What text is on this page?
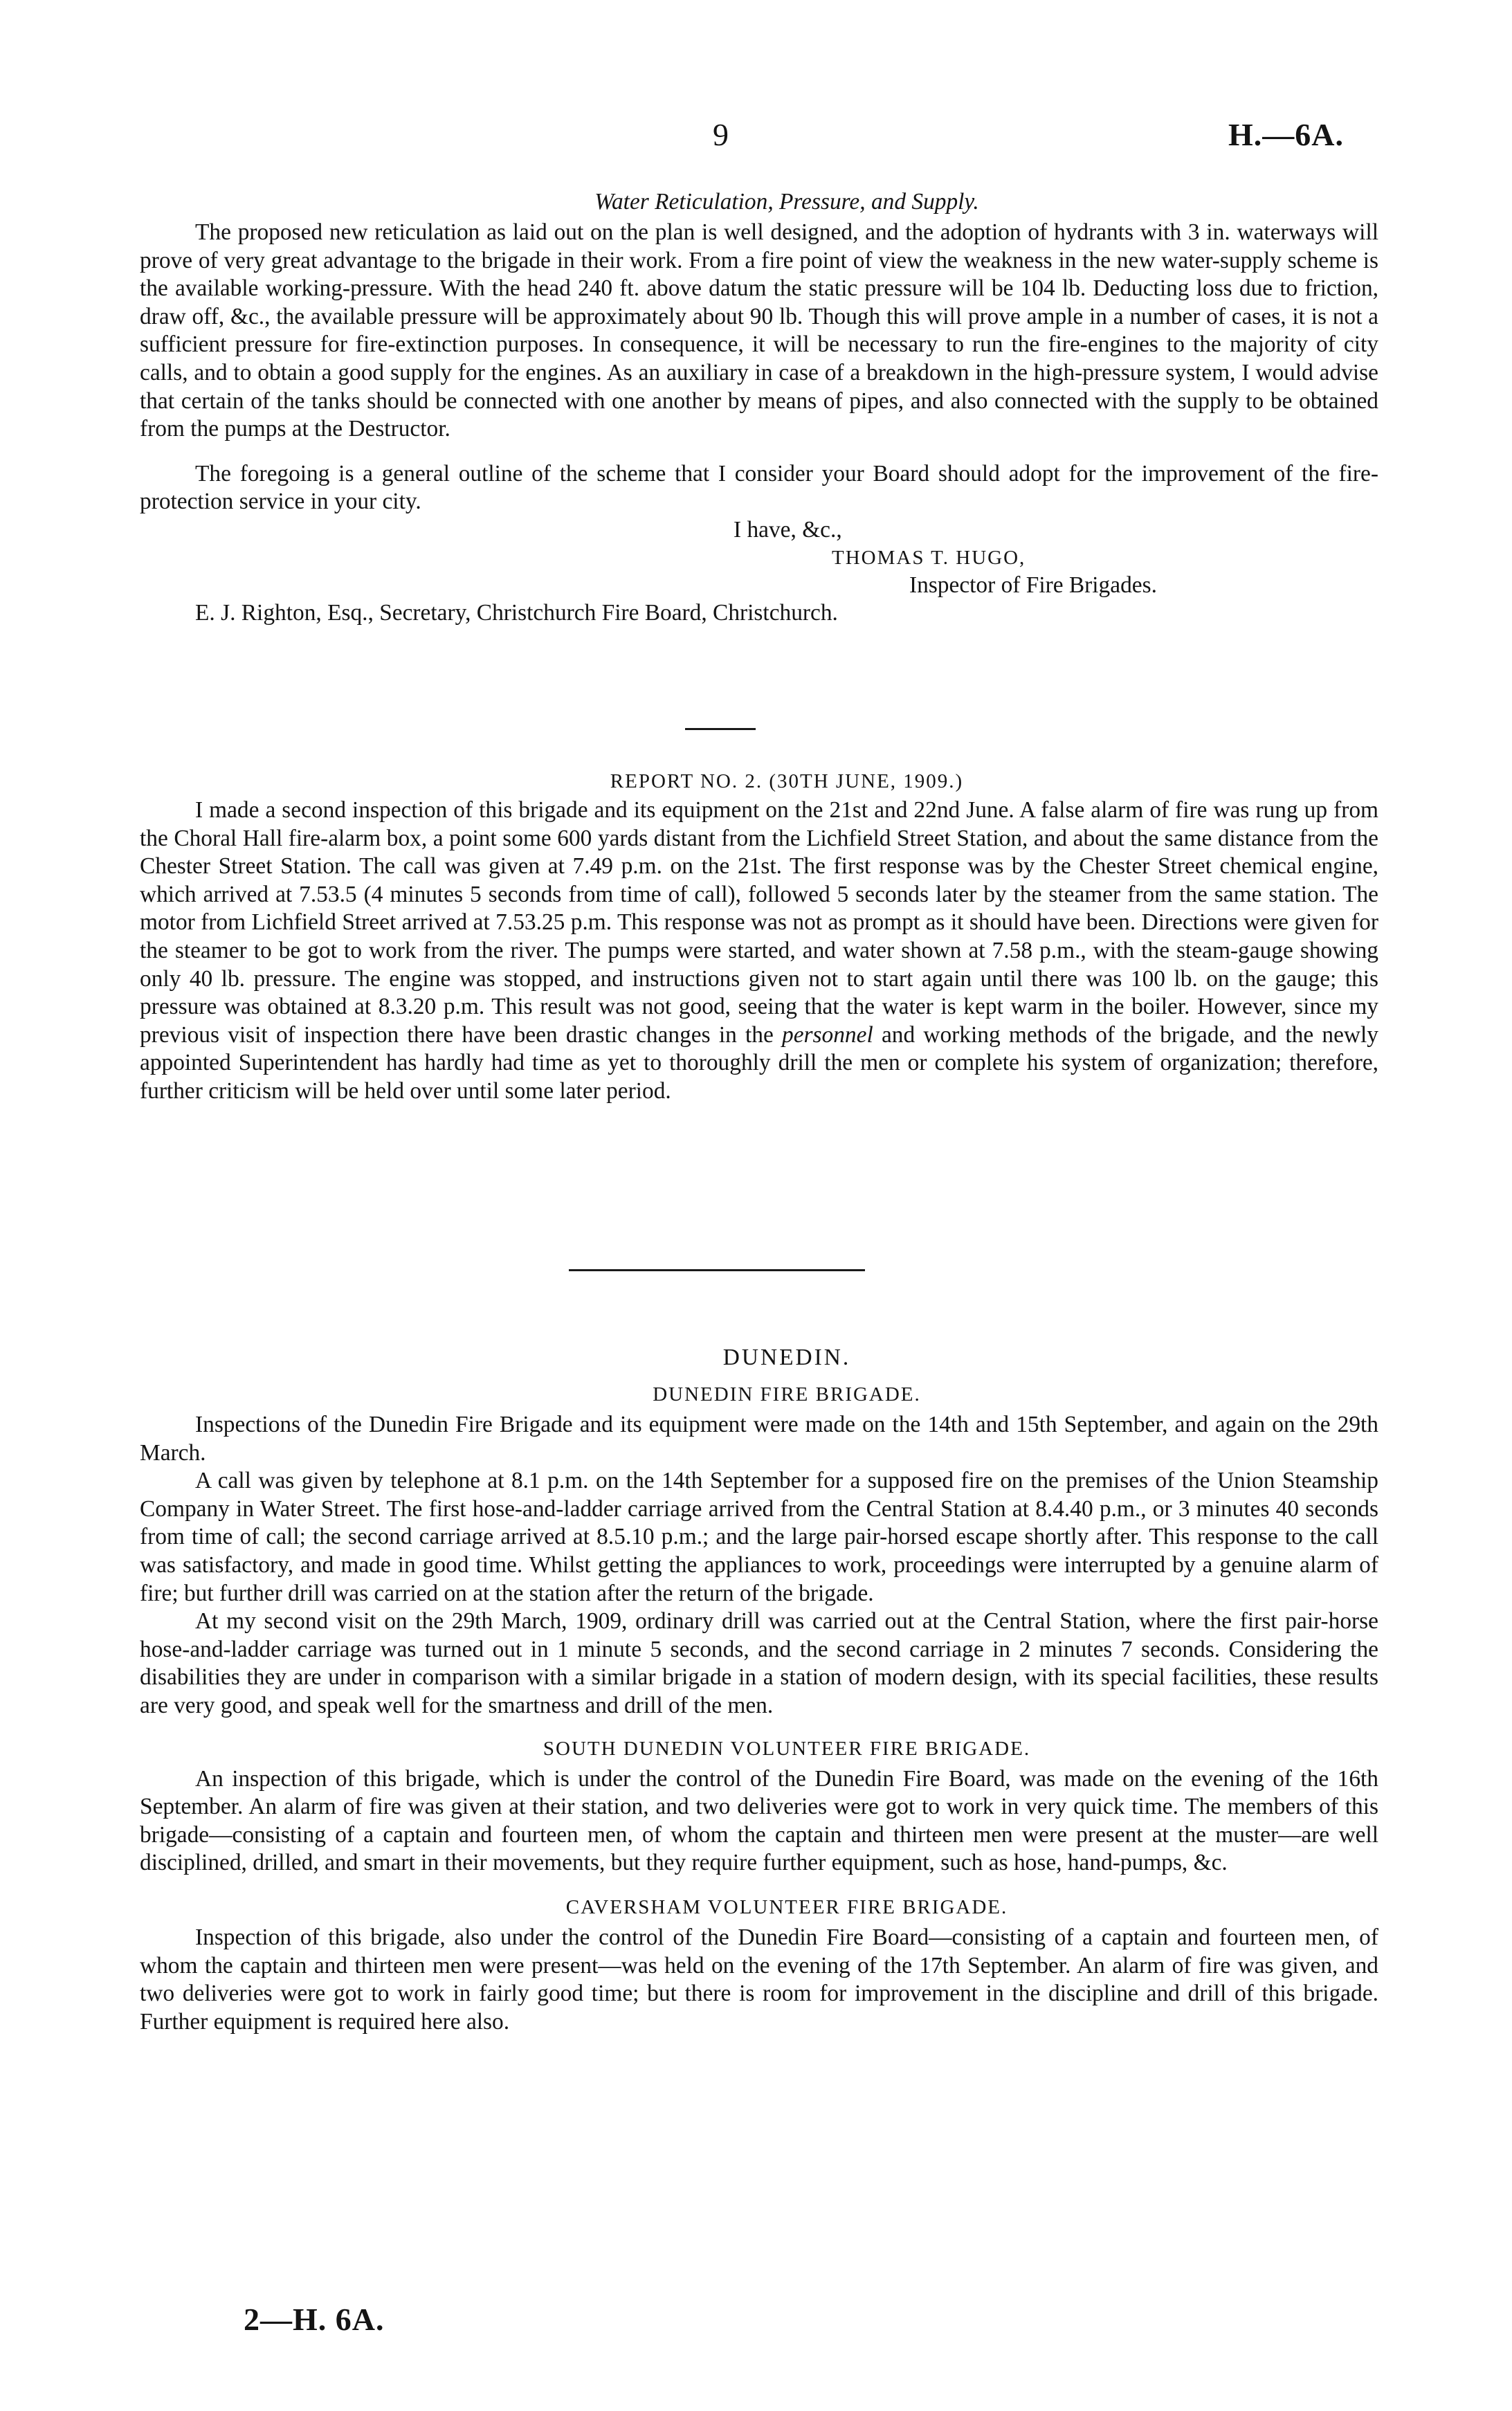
9	H.—6A.

Water Reticulation, Pressure, and Supply.

The proposed new reticulation as laid out on the plan is well designed, and the adoption of hydrants with 3 in. waterways will prove of very great advantage to the brigade in their work. From a fire point of view the weakness in the new water-supply scheme is the available working-pressure. With the head 240 ft. above datum the static pressure will be 104 lb. Deducting loss due to friction, draw off, &c., the available pressure will be approximately about 90 lb. Though this will prove ample in a number of cases, it is not a sufficient pressure for fire-extinction purposes. In consequence, it will be necessary to run the fire-engines to the majority of city calls, and to obtain a good supply for the engines. As an auxiliary in case of a breakdown in the high-pressure system, I would advise that certain of the tanks should be connected with one another by means of pipes, and also connected with the supply to be obtained from the pumps at the Destructor.

The foregoing is a general outline of the scheme that I consider your Board should adopt for the improvement of the fire-protection service in your city.

I have, &c.,
THOMAS T. HUGO,
Inspector of Fire Brigades.
E. J. Righton, Esq., Secretary, Christchurch Fire Board, Christchurch.

REPORT NO. 2. (30TH JUNE, 1909.)

I made a second inspection of this brigade and its equipment on the 21st and 22nd June. A false alarm of fire was rung up from the Choral Hall fire-alarm box, a point some 600 yards distant from the Lichfield Street Station, and about the same distance from the Chester Street Station. The call was given at 7.49 p.m. on the 21st. The first response was by the Chester Street chemical engine, which arrived at 7.53.5 (4 minutes 5 seconds from time of call), followed 5 seconds later by the steamer from the same station. The motor from Lichfield Street arrived at 7.53.25 p.m. This response was not as prompt as it should have been. Directions were given for the steamer to be got to work from the river. The pumps were started, and water shown at 7.58 p.m., with the steam-gauge showing only 40 lb. pressure. The engine was stopped, and instructions given not to start again until there was 100 lb. on the gauge; this pressure was obtained at 8.3.20 p.m. This result was not good, seeing that the water is kept warm in the boiler. However, since my previous visit of inspection there have been drastic changes in the personnel and working methods of the brigade, and the newly appointed Superintendent has hardly had time as yet to thoroughly drill the men or complete his system of organization; therefore, further criticism will be held over until some later period.

DUNEDIN.

DUNEDIN FIRE BRIGADE.

Inspections of the Dunedin Fire Brigade and its equipment were made on the 14th and 15th September, and again on the 29th March.

A call was given by telephone at 8.1 p.m. on the 14th September for a supposed fire on the premises of the Union Steamship Company in Water Street. The first hose-and-ladder carriage arrived from the Central Station at 8.4.40 p.m., or 3 minutes 40 seconds from time of call; the second carriage arrived at 8.5.10 p.m.; and the large pair-horsed escape shortly after. This response to the call was satisfactory, and made in good time. Whilst getting the appliances to work, proceedings were interrupted by a genuine alarm of fire; but further drill was carried on at the station after the return of the brigade.

At my second visit on the 29th March, 1909, ordinary drill was carried out at the Central Station, where the first pair-horse hose-and-ladder carriage was turned out in 1 minute 5 seconds, and the second carriage in 2 minutes 7 seconds. Considering the disabilities they are under in comparison with a similar brigade in a station of modern design, with its special facilities, these results are very good, and speak well for the smartness and drill of the men.

SOUTH DUNEDIN VOLUNTEER FIRE BRIGADE.

An inspection of this brigade, which is under the control of the Dunedin Fire Board, was made on the evening of the 16th September. An alarm of fire was given at their station, and two deliveries were got to work in very quick time. The members of this brigade—consisting of a captain and fourteen men, of whom the captain and thirteen men were present at the muster—are well disciplined, drilled, and smart in their movements, but they require further equipment, such as hose, hand-pumps, &c.

CAVERSHAM VOLUNTEER FIRE BRIGADE.

Inspection of this brigade, also under the control of the Dunedin Fire Board—consisting of a captain and fourteen men, of whom the captain and thirteen men were present—was held on the evening of the 17th September. An alarm of fire was given, and two deliveries were got to work in fairly good time; but there is room for improvement in the discipline and drill of this brigade. Further equipment is required here also.

2—H. 6A.
